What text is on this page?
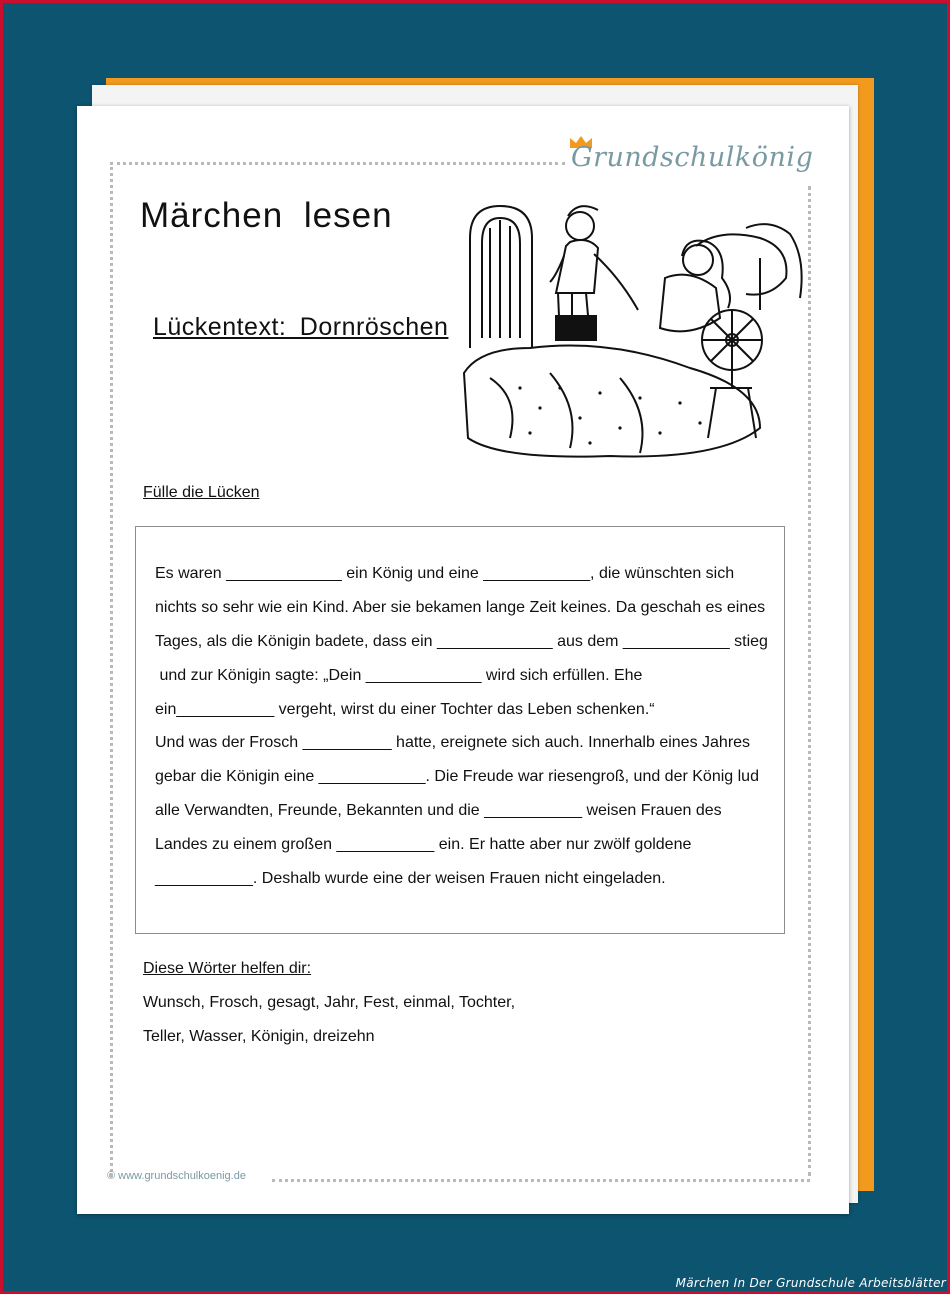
Grundschulkönig
Märchen lesen
Lückentext: Dornröschen
Fülle die Lücken
Es waren _____________ ein König und eine ____________, die wünschten sich
nichts so sehr wie ein Kind. Aber sie bekamen lange Zeit keines. Da geschah es eines
Tages, als die Königin badete, dass ein _____________ aus dem ____________ stieg
und zur Königin sagte: „Dein _____________ wird sich erfüllen. Ehe
ein___________ vergeht, wirst du einer Tochter das Leben schenken.“
Und was der Frosch __________ hatte, ereignete sich auch. Innerhalb eines Jahres
gebar die Königin eine ____________. Die Freude war riesengroß, und der König lud
alle Verwandten, Freunde, Bekannten und die ___________ weisen Frauen des
Landes zu einem großen ___________ ein. Er hatte aber nur zwölf goldene
___________. Deshalb wurde eine der weisen Frauen nicht eingeladen.
Diese Wörter helfen dir:
Wunsch, Frosch, gesagt, Jahr, Fest, einmal, Tochter,
Teller, Wasser, Königin, dreizehn
© www.grundschulkoenig.de
Märchen In Der Grundschule Arbeitsblätter
